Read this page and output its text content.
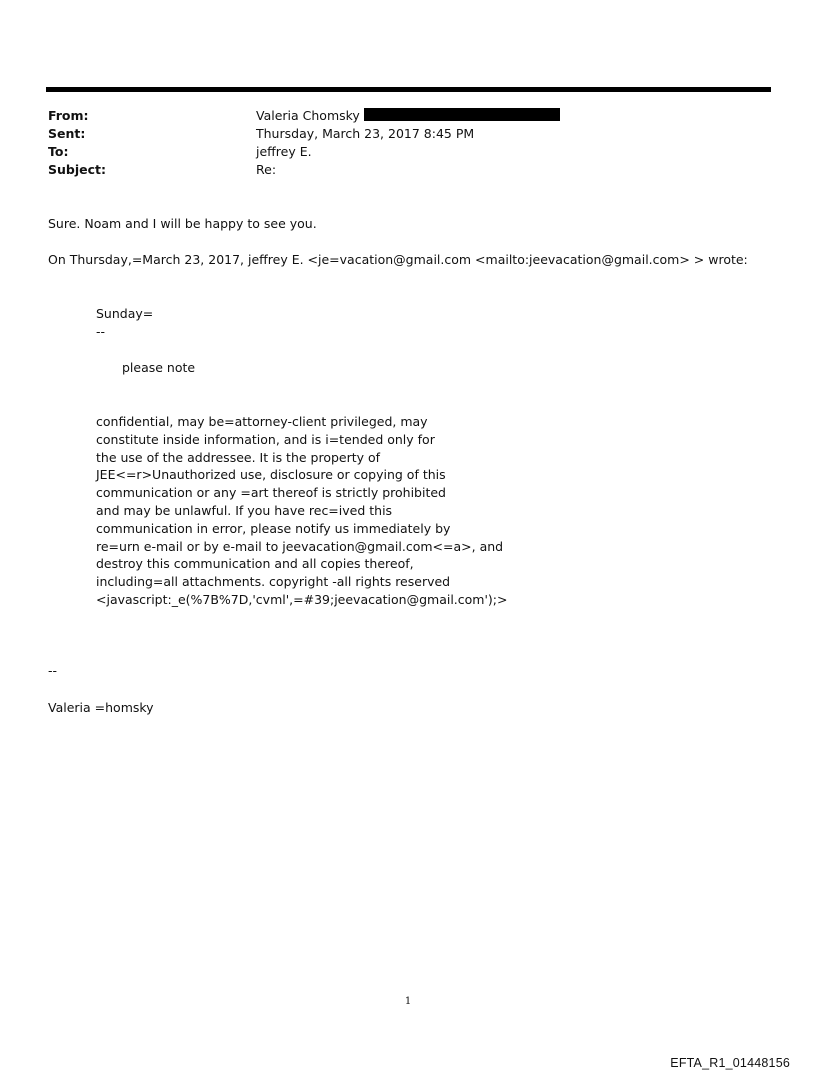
From:	Valeria Chomsky
Sent:	Thursday, March 23, 2017 8:45 PM
To:	jeffrey E.
Subject:	Re:
Sure. Noam and I will be happy to see you.
On Thursday,=March 23, 2017, jeffrey E. <je=vacation@gmail.com <mailto:jeevacation@gmail.com> > wrote:
Sunday=
--
please note
confidential, may be=attorney-client privileged, may
constitute inside information, and is i=tended only for
the use of the addressee. It is the property of
JEE<=r>Unauthorized use, disclosure or copying of this
communication or any =art thereof is strictly prohibited
and may be unlawful. If you have rec=ived this
communication in error, please notify us immediately by
re=urn e-mail or by e-mail to jeevacation@gmail.com<=a>, and
destroy this communication and all copies thereof,
including=all attachments. copyright -all rights reserved
<javascript:_e(%7B%7D,'cvml',=#39;jeevacation@gmail.com');>
--
Valeria =homsky
1
EFTA_R1_01448156
